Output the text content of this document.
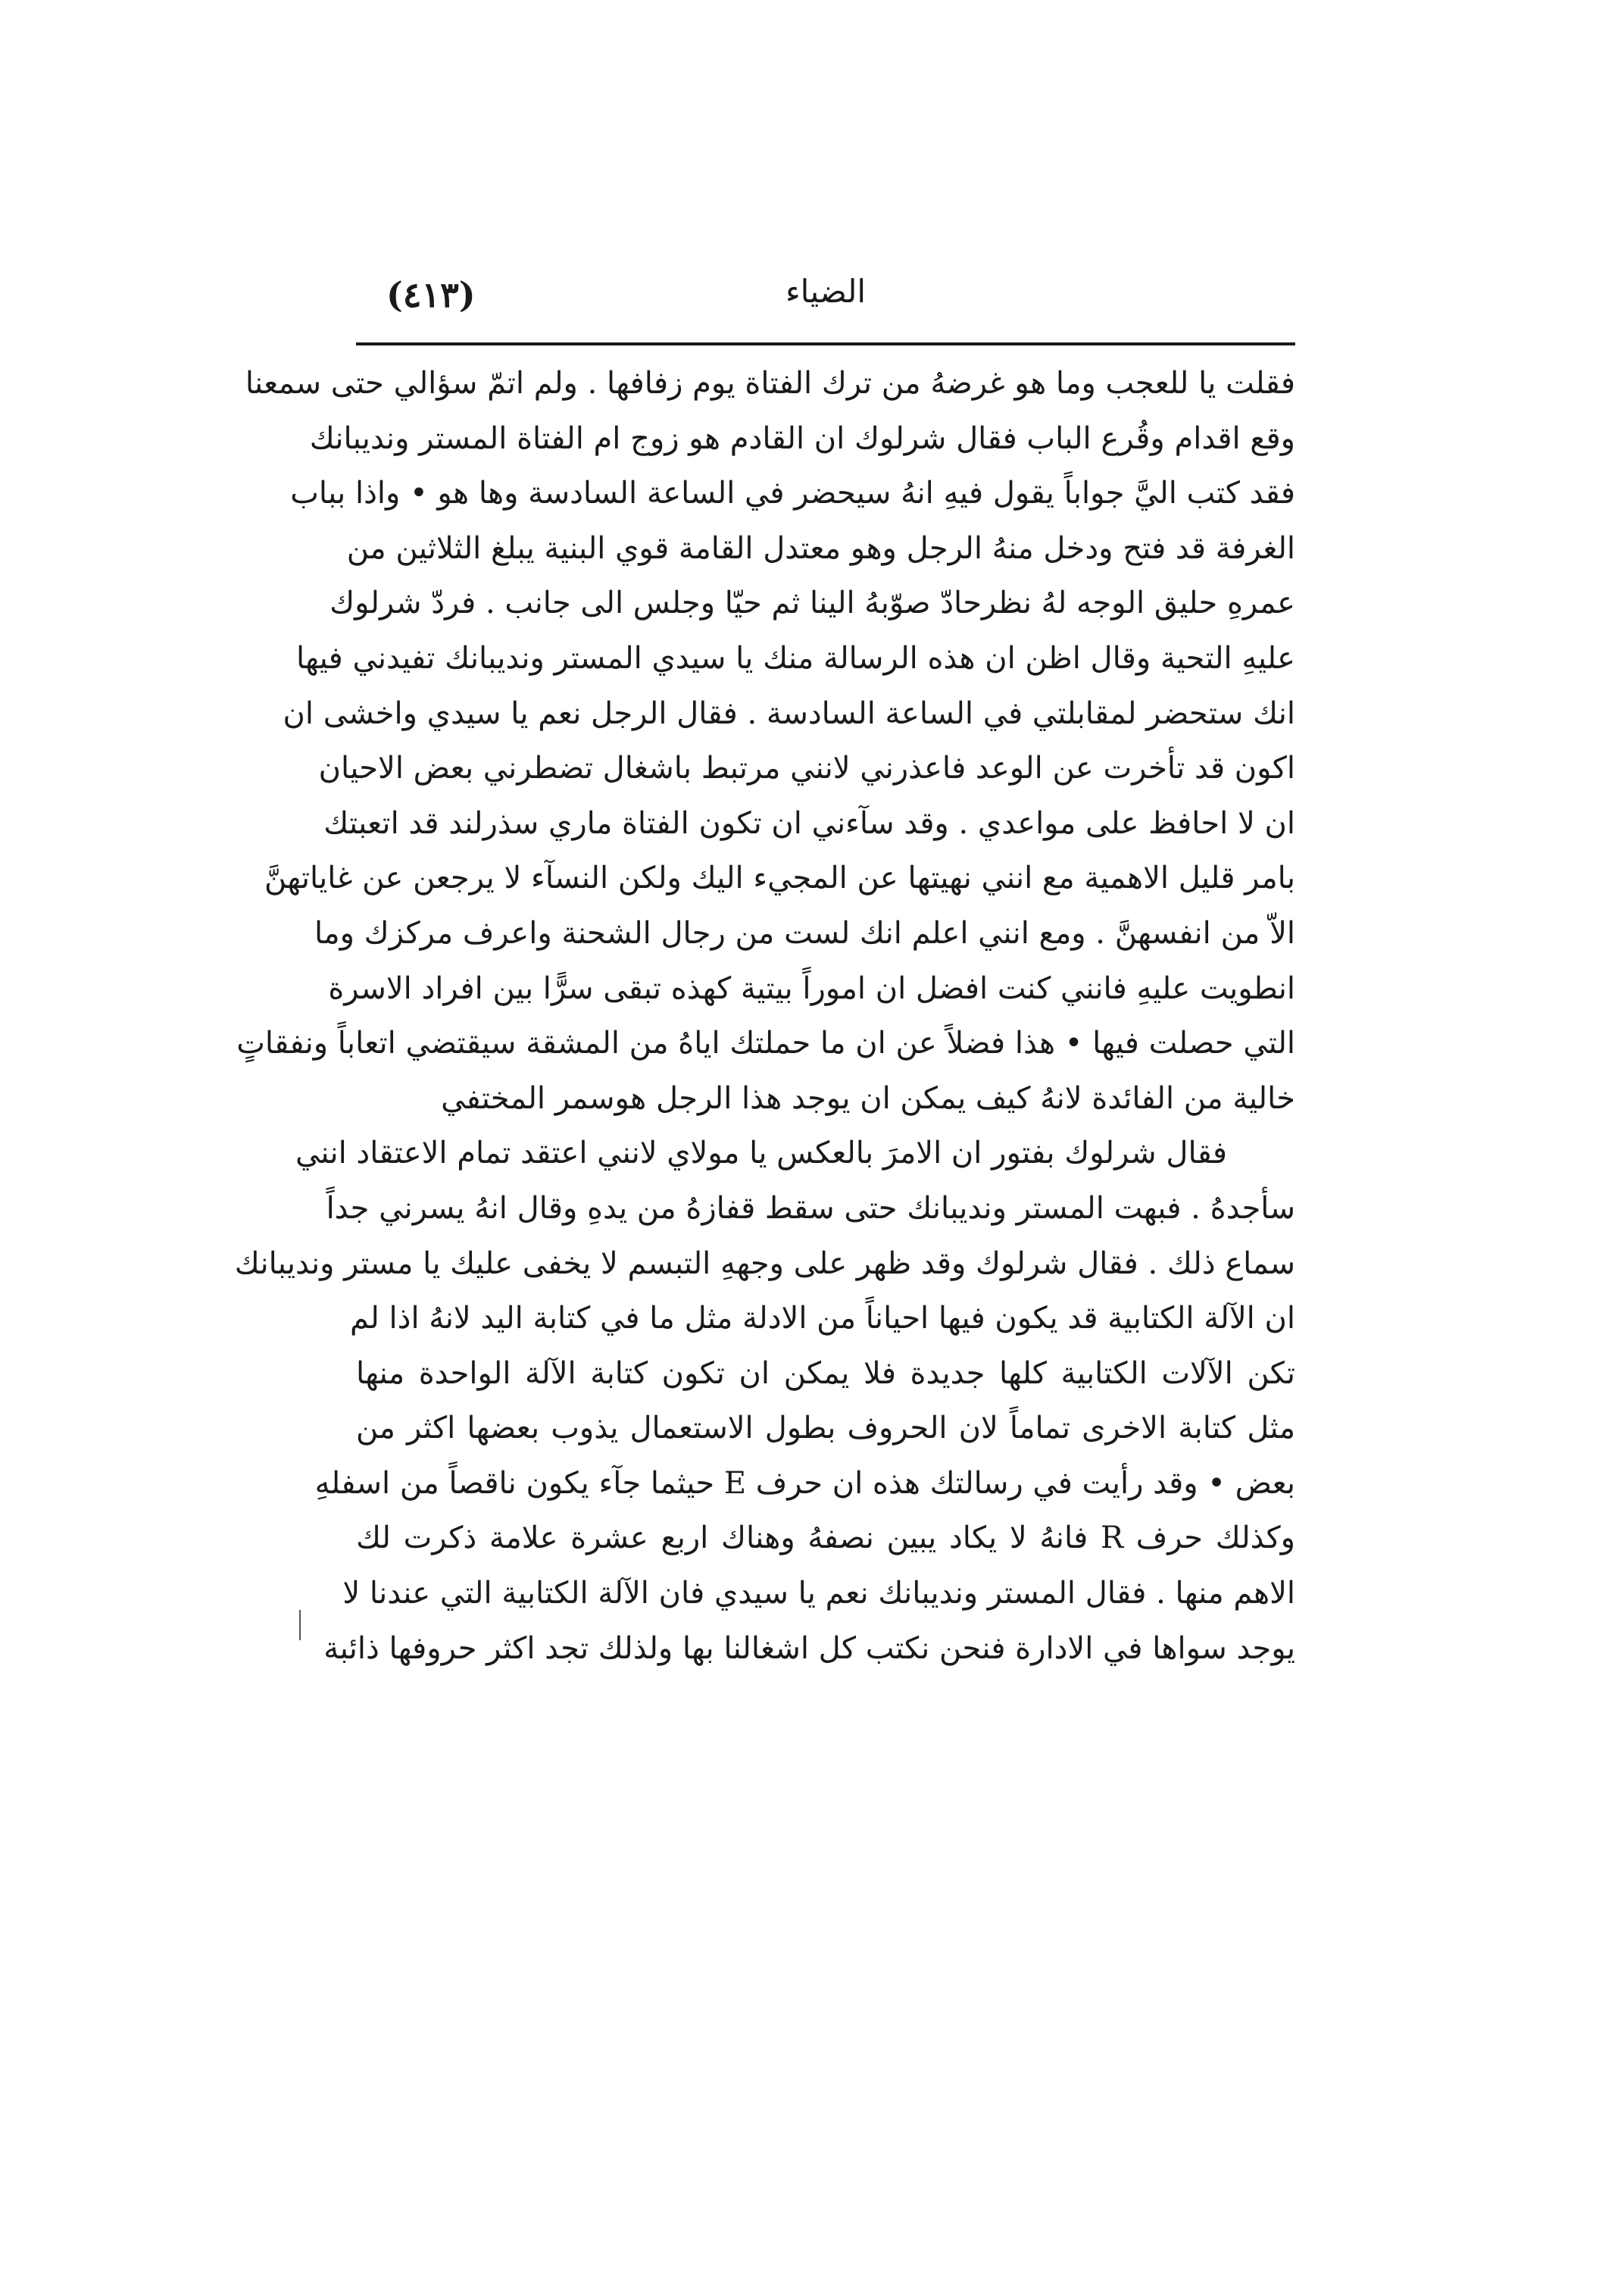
الضياء
(٤١٣)
فقلت يا للعجب وما هو غرضهُ من ترك الفتاة يوم زفافها . ولم اتمّ سؤالي حتى سمعنا
وقع اقدام وقُرع الباب فقال شرلوك ان القادم هو زوج ام الفتاة المستر ونديبانك
فقد كتب اليَّ جواباً يقول فيهِ انهُ سيحضر في الساعة السادسة وها هو • واذا بباب
الغرفة قد فتح ودخل منهُ الرجل وهو معتدل القامة قوي البنية يبلغ الثلاثين من
عمرهِ حليق الوجه لهُ نظرحادّ صوّبهُ الينا ثم حيّا وجلس الى جانب . فردّ شرلوك
عليهِ التحية وقال اظن ان هذه الرسالة منك يا سيدي المستر ونديبانك تفيدني فيها
انك ستحضر لمقابلتي في الساعة السادسة . فقال الرجل نعم يا سيدي واخشى ان
اكون قد تأخرت عن الوعد فاعذرني لانني مرتبط باشغال تضطرني بعض الاحيان
ان لا احافظ على مواعدي . وقد سآءني ان تكون الفتاة ماري سذرلند قد اتعبتك
بامر قليل الاهمية مع انني نهيتها عن المجيء اليك ولكن النسآء لا يرجعن عن غاياتهنَّ
الاّ من انفسهنَّ . ومع انني اعلم انك لست من رجال الشحنة واعرف مركزك وما
انطويت عليهِ فانني كنت افضل ان اموراً بيتية كهذه تبقى سرًّا بين افراد الاسرة
التي حصلت فيها • هذا فضلاً عن ان ما حملتك اياهُ من المشقة سيقتضي اتعاباً ونفقاتٍ
خالية من الفائدة لانهُ كيف يمكن ان يوجد هذا الرجل هوسمر المختفي
فقال شرلوك بفتور ان الامرَ بالعكس يا مولاي لانني اعتقد تمام الاعتقاد انني
سأجدهُ . فبهت المستر ونديبانك حتى سقط قفازهُ من يدهِ وقال انهُ يسرني جداً
سماع ذلك . فقال شرلوك وقد ظهر على وجههِ التبسم لا يخفى عليك يا مستر ونديبانك
ان الآلة الكتابية قد يكون فيها احياناً من الادلة مثل ما في كتابة اليد لانهُ اذا لم
تكن الآلات الكتابية كلها جديدة فلا يمكن ان تكون كتابة الآلة الواحدة منها
مثل كتابة الاخرى تماماً لان الحروف بطول الاستعمال يذوب بعضها اكثر من
بعض • وقد رأيت في رسالتك هذه ان حرف E حيثما جآء يكون ناقصاً من اسفلهِ
وكذلك حرف R فانهُ لا يكاد يبين نصفهُ وهناك اربع عشرة علامة ذكرت لك
الاهم منها . فقال المستر ونديبانك نعم يا سيدي فان الآلة الكتابية التي عندنا لا
يوجد سواها في الادارة فنحن نكتب كل اشغالنا بها ولذلك تجد اكثر حروفها ذائبة
